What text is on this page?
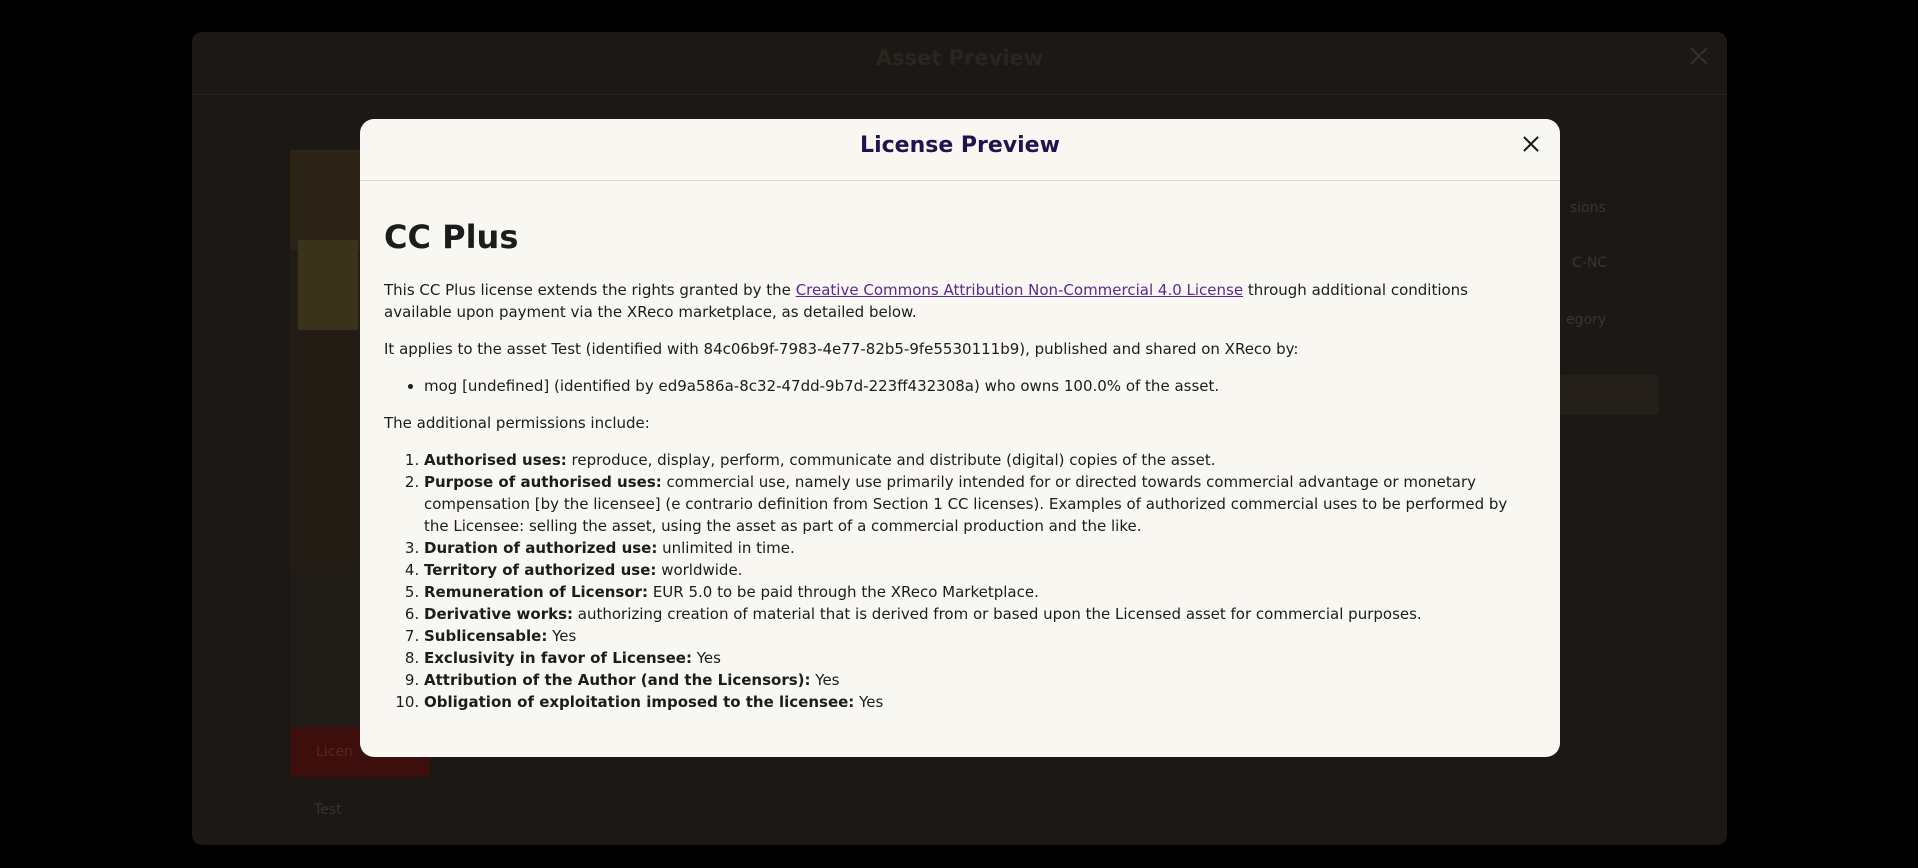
Asset Preview
Licen
Test
sions
C-NC
egory
License Preview
CC Plus

This CC Plus license extends the rights granted by the Creative Commons Attribution Non-Commercial 4.0 License through additional conditions available upon payment via the XReco marketplace, as detailed below.

It applies to the asset Test (identified with 84c06b9f-7983-4e77-82b5-9fe5530111b9), published and shared on XReco by:

• mog [undefined] (identified by ed9a586a-8c32-47dd-9b7d-223ff432308a) who owns 100.0% of the asset.

The additional permissions include:

1. Authorised uses: reproduce, display, perform, communicate and distribute (digital) copies of the asset.
2. Purpose of authorised uses: commercial use, namely use primarily intended for or directed towards commercial advantage or monetary compensation [by the licensee] (e contrario definition from Section 1 CC licenses). Examples of authorized commercial uses to be performed by the Licensee: selling the asset, using the asset as part of a commercial production and the like.
3. Duration of authorized use: unlimited in time.
4. Territory of authorized use: worldwide.
5. Remuneration of Licensor: EUR 5.0 to be paid through the XReco Marketplace.
6. Derivative works: authorizing creation of material that is derived from or based upon the Licensed asset for commercial purposes.
7. Sublicensable: Yes
8. Exclusivity in favor of Licensee: Yes
9. Attribution of the Author (and the Licensors): Yes
10. Obligation of exploitation imposed to the licensee: Yes
